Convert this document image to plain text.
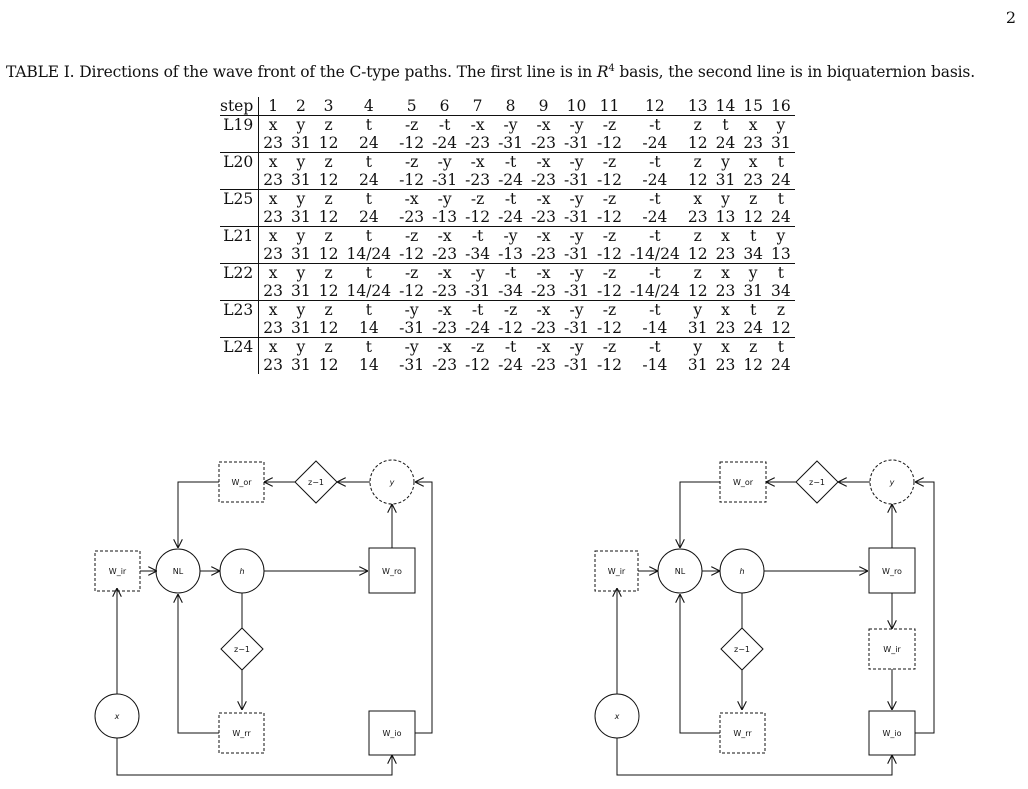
2
TABLE I. Directions of the wave front of the C-type paths. The first line is in $R^4$ basis, the second line is in biquaternion basis.
step		1	2	3	4	5	6	7	8	9	10	11	12	13	14	15	16
L19		x	y	z	t	-z	-t	-x	-y	-x	-y	-z	-t	z	t	x	y
		23	31	12	24	-12	-24	-23	-31	-23	-31	-12	-24	12	24	23	31
L20		x	y	z	t	-z	-y	-x	-t	-x	-y	-z	-t	z	y	x	t
		23	31	12	24	-12	-31	-23	-24	-23	-31	-12	-24	12	31	23	24
L25		x	y	z	t	-x	-y	-z	-t	-x	-y	-z	-t	x	y	z	t
		23	31	12	24	-23	-13	-12	-24	-23	-31	-12	-24	23	13	12	24
L21		x	y	z	t	-z	-x	-t	-y	-x	-y	-z	-t	z	x	t	y
		23	31	12	14/24	-12	-23	-34	-13	-23	-31	-12	-14/24	12	23	34	13
L22		x	y	z	t	-z	-x	-y	-t	-x	-y	-z	-t	z	x	y	t
		23	31	12	14/24	-12	-23	-31	-34	-23	-31	-12	-14/24	12	23	31	34
L23		x	y	z	t	-y	-x	-t	-z	-x	-y	-z	-t	y	x	t	z
		23	31	12	14	-31	-23	-24	-12	-23	-31	-12	-14	31	23	24	12
L24		x	y	z	t	-y	-x	-z	-t	-x	-y	-z	-t	y	x	z	t
		23	31	12	14	-31	-23	-12	-24	-23	-31	-12	-14	31	23	12	24
W_or	z−1	y
W_ir	NL	h	W_ro
z−1
x
W_rr	W_io
W_or	z−1	y
W_ir	NL	h	W_ro
W_ir
z−1
x
W_rr	W_io
